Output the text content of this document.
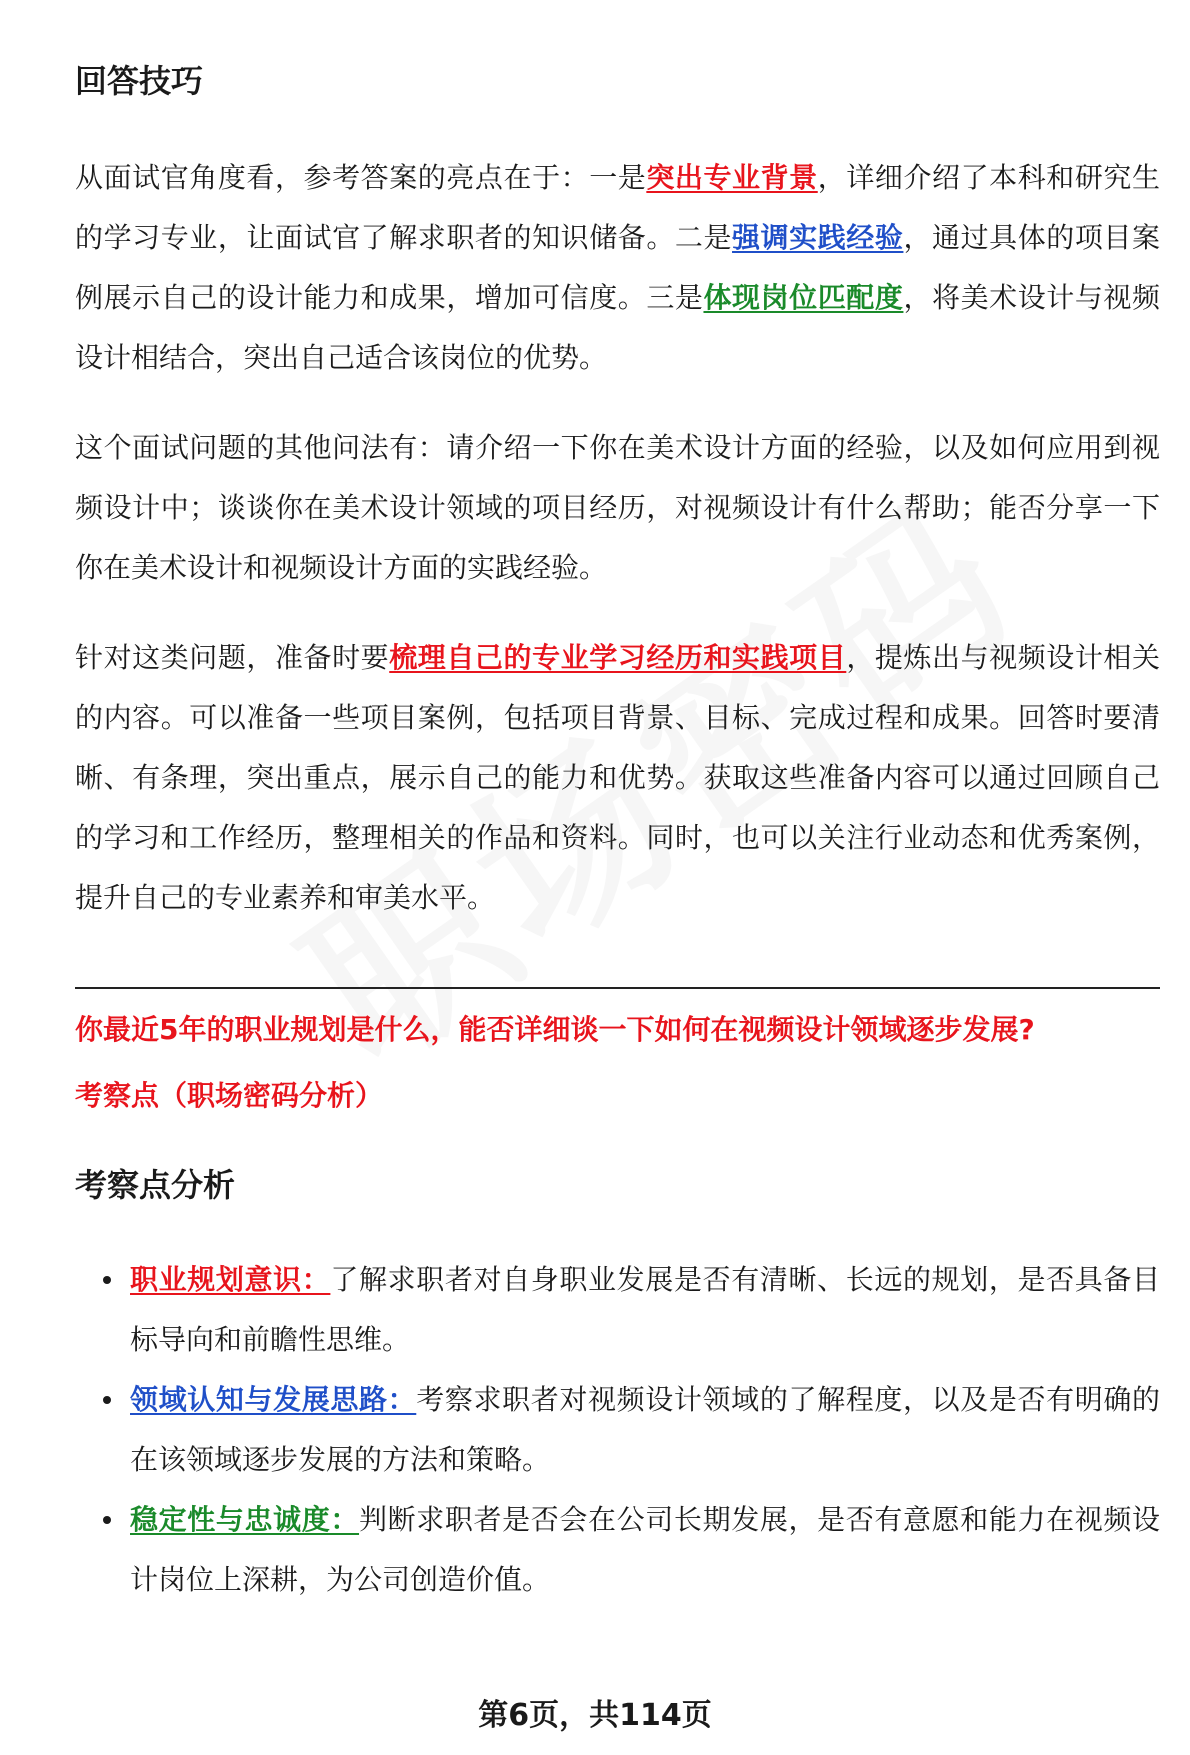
回答技巧

从面试官角度看，参考答案的亮点在于：一是突出专业背景，详细介绍了本科和研究生的学习专业，让面试官了解求职者的知识储备。二是强调实践经验，通过具体的项目案例展示自己的设计能力和成果，增加可信度。三是体现岗位匹配度，将美术设计与视频设计相结合，突出自己适合该岗位的优势。

这个面试问题的其他问法有：请介绍一下你在美术设计方面的经验，以及如何应用到视频设计中；谈谈你在美术设计领域的项目经历，对视频设计有什么帮助；能否分享一下你在美术设计和视频设计方面的实践经验。

针对这类问题，准备时要梳理自己的专业学习经历和实践项目，提炼出与视频设计相关的内容。可以准备一些项目案例，包括项目背景、目标、完成过程和成果。回答时要清晰、有条理，突出重点，展示自己的能力和优势。获取这些准备内容可以通过回顾自己的学习和工作经历，整理相关的作品和资料。同时，也可以关注行业动态和优秀案例，提升自己的专业素养和审美水平。

你最近5年的职业规划是什么，能否详细谈一下如何在视频设计领域逐步发展?
考察点（职场密码分析）
考察点分析
职业规划意识：了解求职者对自身职业发展是否有清晰、长远的规划，是否具备目标导向和前瞻性思维。
领域认知与发展思路：考察求职者对视频设计领域的了解程度，以及是否有明确的在该领域逐步发展的方法和策略。
稳定性与忠诚度：判断求职者是否会在公司长期发展，是否有意愿和能力在视频设计岗位上深耕，为公司创造价值。
第6页，共114页
